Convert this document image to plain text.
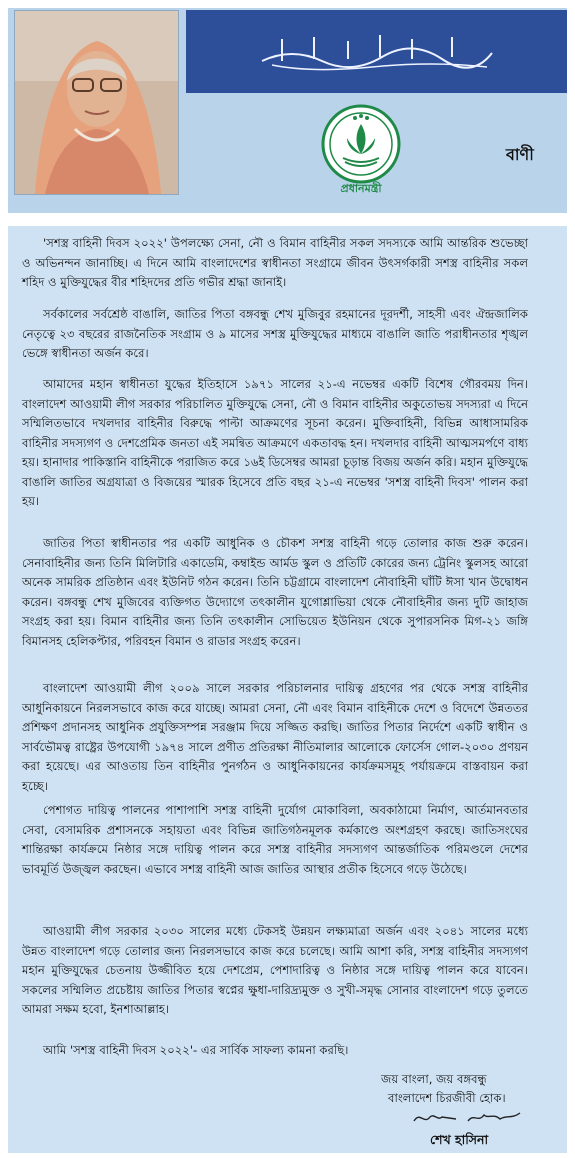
প্রধানমন্ত্রী
বাণী

'সশস্ত্র বাহিনী দিবস ২০২২' উপলক্ষ্যে সেনা, নৌ ও বিমান বাহিনীর সকল সদস্যকে আমি আন্তরিক শুভেচ্ছা ও অভিনন্দন জানাচ্ছি। এ দিনে আমি বাংলাদেশের স্বাধীনতা সংগ্রামে জীবন উৎসর্গকারী সশস্ত্র বাহিনীর সকল শহিদ ও মুক্তিযুদ্ধের বীর শহিদদের প্রতি গভীর শ্রদ্ধা জানাই।

সর্বকালের সর্বশ্রেষ্ঠ বাঙালি, জাতির পিতা বঙ্গবন্ধু শেখ মুজিবুর রহমানের দূরদর্শী, সাহসী এবং ঐন্দ্রজালিক নেতৃত্বে ২৩ বছরের রাজনৈতিক সংগ্রাম ও ৯ মাসের সশস্ত্র মুক্তিযুদ্ধের মাধ্যমে বাঙালি জাতি পরাধীনতার শৃঙ্খল ভেঙ্গে স্বাধীনতা অর্জন করে।

আমাদের মহান স্বাধীনতা যুদ্ধের ইতিহাসে ১৯৭১ সালের ২১-এ নভেম্বর একটি বিশেষ গৌরবময় দিন। বাংলাদেশ আওয়ামী লীগ সরকার পরিচালিত মুক্তিযুদ্ধে সেনা, নৌ ও বিমান বাহিনীর অকুতোভয় সদস্যরা এ দিনে সম্মিলিতভাবে দখলদার বাহিনীর বিরুদ্ধে পাল্টা আক্রমণের সূচনা করেন। মুক্তিবাহিনী, বিভিন্ন আধাসামরিক বাহিনীর সদস্যগণ ও দেশপ্রেমিক জনতা এই সমন্বিত আক্রমণে একতাবদ্ধ হন। দখলদার বাহিনী আত্মসমর্পণে বাধ্য হয়। হানাদার পাকিস্তানি বাহিনীকে পরাজিত করে ১৬ই ডিসেম্বর আমরা চূড়ান্ত বিজয় অর্জন করি। মহান মুক্তিযুদ্ধে বাঙালি জাতির অগ্রযাত্রা ও বিজয়ের স্মারক হিসেবে প্রতি বছর ২১-এ নভেম্বর 'সশস্ত্র বাহিনী দিবস' পালন করা হয়।

জাতির পিতা স্বাধীনতার পর একটি আধুনিক ও চৌকশ সশস্ত্র বাহিনী গড়ে তোলার কাজ শুরু করেন। সেনাবাহিনীর জন্য তিনি মিলিটারি একাডেমি, কম্বাইন্ড আর্মড স্কুল ও প্রতিটি কোরের জন্য ট্রেনিং স্কুলসহ আরো অনেক সামরিক প্রতিষ্ঠান এবং ইউনিট গঠন করেন। তিনি চট্টগ্রামে বাংলাদেশ নৌবাহিনী ঘাঁটি ঈসা খান উদ্বোধন করেন। বঙ্গবন্ধু শেখ মুজিবের ব্যক্তিগত উদ্যোগে তৎকালীন যুগোশ্লাভিয়া থেকে নৌবাহিনীর জন্য দুটি জাহাজ সংগ্রহ করা হয়। বিমান বাহিনীর জন্য তিনি তৎকালীন সোভিয়েত ইউনিয়ন থেকে সুপারসনিক মিগ-২১ জঙ্গি বিমানসহ হেলিকপ্টার, পরিবহন বিমান ও রাডার সংগ্রহ করেন।

বাংলাদেশ আওয়ামী লীগ ২০০৯ সালে সরকার পরিচালনার দায়িত্ব গ্রহণের পর থেকে সশস্ত্র বাহিনীর আধুনিকায়নে নিরলসভাবে কাজ করে যাচ্ছে। আমরা সেনা, নৌ এবং বিমান বাহিনীকে দেশে ও বিদেশে উন্নততর প্রশিক্ষণ প্রদানসহ আধুনিক প্রযুক্তিসম্পন্ন সরঞ্জাম দিয়ে সজ্জিত করছি। জাতির পিতার নির্দেশে একটি স্বাধীন ও সার্বভৌমত্ব রাষ্ট্রের উপযোগী ১৯৭৪ সালে প্রণীত প্রতিরক্ষা নীতিমালার আলোকে ফোর্সেস গোল-২০৩০ প্রণয়ন করা হয়েছে। এর আওতায় তিন বাহিনীর পুনর্গঠন ও আধুনিকায়নের কার্যক্রমসমূহ পর্যায়ক্রমে বাস্তবায়ন করা হচ্ছে।

পেশাগত দায়িত্ব পালনের পাশাপাশি সশস্ত্র বাহিনী দুর্যোগ মোকাবিলা, অবকাঠামো নির্মাণ, আর্তমানবতার সেবা, বেসামরিক প্রশাসনকে সহায়তা এবং বিভিন্ন জাতিগঠনমূলক কর্মকাণ্ডে অংশগ্রহণ করছে। জাতিসংঘের শান্তিরক্ষা কার্যক্রমে নিষ্ঠার সঙ্গে দায়িত্ব পালন করে সশস্ত্র বাহিনীর সদস্যগণ আন্তর্জাতিক পরিমণ্ডলে দেশের ভাবমূর্তি উজ্জ্বল করছেন। এভাবে সশস্ত্র বাহিনী আজ জাতির আস্থার প্রতীক হিসেবে গড়ে উঠেছে।

আওয়ামী লীগ সরকার ২০৩০ সালের মধ্যে টেকসই উন্নয়ন লক্ষ্যমাত্রা অর্জন এবং ২০৪১ সালের মধ্যে উন্নত বাংলাদেশ গড়ে তোলার জন্য নিরলসভাবে কাজ করে চলেছে। আমি আশা করি, সশস্ত্র বাহিনীর সদস্যগণ মহান মুক্তিযুদ্ধের চেতনায় উজ্জীবিত হয়ে দেশপ্রেম, পেশাদারিত্ব ও নিষ্ঠার সঙ্গে দায়িত্ব পালন করে যাবেন। সকলের সম্মিলিত প্রচেষ্টায় জাতির পিতার স্বপ্নের ক্ষুধা-দারিদ্র্যমুক্ত ও সুখী-সমৃদ্ধ সোনার বাংলাদেশ গড়ে তুলতে আমরা সক্ষম হবো, ইনশাআল্লাহ।

আমি 'সশস্ত্র বাহিনী দিবস ২০২২'- এর সার্বিক সাফল্য কামনা করছি।

জয় বাংলা, জয় বঙ্গবন্ধু
বাংলাদেশ চিরজীবী হোক।
শেখ হাসিনা
